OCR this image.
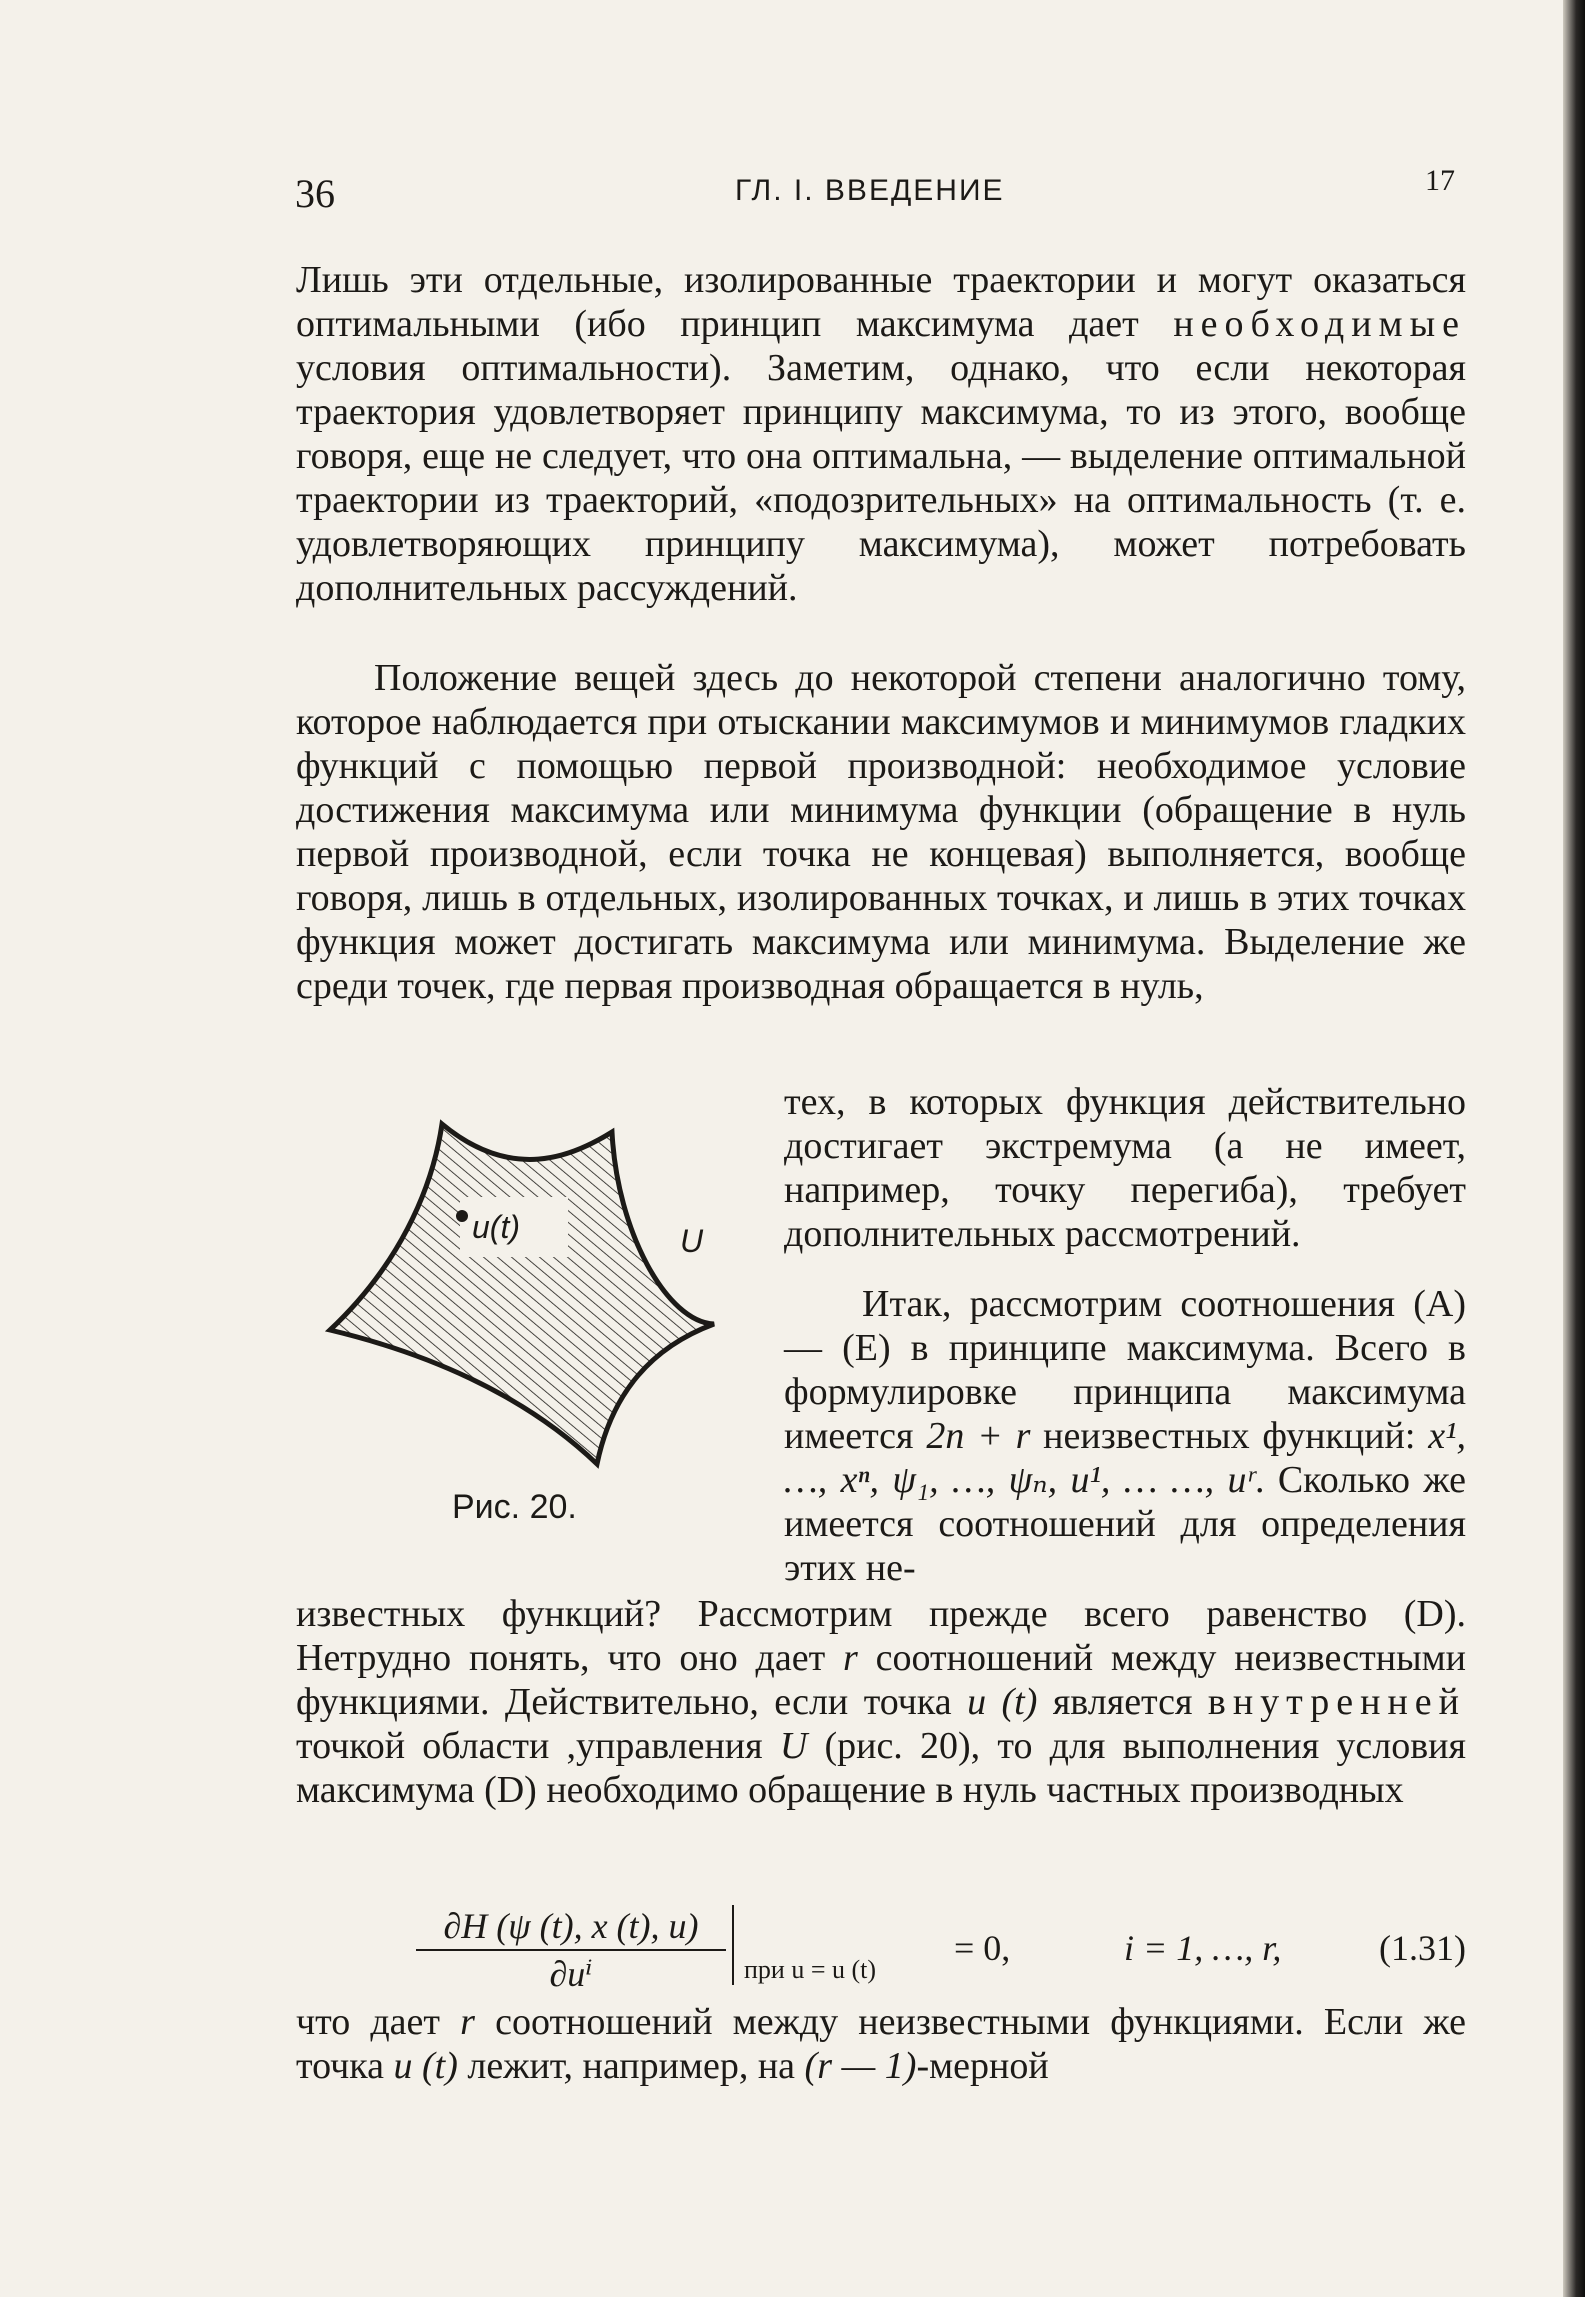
36	ГЛ. I. ВВЕДЕНИЕ	17
Лишь эти отдельные, изолированные траектории и могут оказаться оптимальными (ибо принцип максимума дает необходимые условия оптимальности). Заметим, однако, что если некоторая траектория удовлетворяет принципу максимума, то из этого, вообще говоря, еще не следует, что она оптимальна, — выделение оптимальной траектории из траекторий, «подозрительных» на оптимальность (т. е. удовлетворяющих принципу максимума), может потребовать дополнительных рассуждений.
Положение вещей здесь до некоторой степени аналогично тому, которое наблюдается при отыскании максимумов и минимумов гладких функций с помощью первой производной: необходимое условие достижения максимума или минимума функции (обращение в нуль первой производной, если точка не концевая) выполняется, вообще говоря, лишь в отдельных, изолированных точках, и лишь в этих точках функция может достигать максимума или минимума. Выделение же среди точек, где первая производная обращается в нуль,
u(t)	U
Рис. 20.
тех, в которых функция действительно достигает экстремума (а не имеет, например, точку перегиба), требует дополнительных рассмотрений.
Итак, рассмотрим соотношения (A) — (E) в принципе максимума. Всего в формулировке принципа максимума имеется 2n + r неизвестных функций: x¹, …, xⁿ, ψ₁, …, ψₙ, u¹, … …, uʳ. Сколько же имеется соотношений для определения этих не-
известных функций? Рассмотрим прежде всего равенство (D). Нетрудно понять, что оно дает r соотношений между неизвестными функциями. Действительно, если точка u (t) является внутренней точкой области ,управления U (рис. 20), то для выполнения условия максимума (D) необходимо обращение в нуль частных производных
$\frac{\partial H (\psi (t), x (t), u)}{\text{∂uⁱ}}$ при u = u (t)
= 0,	i = 1, …, r,	(1.31)
что дает r соотношений между неизвестными функциями. Если же точка u (t) лежит, например, на (r — 1)-мерной
